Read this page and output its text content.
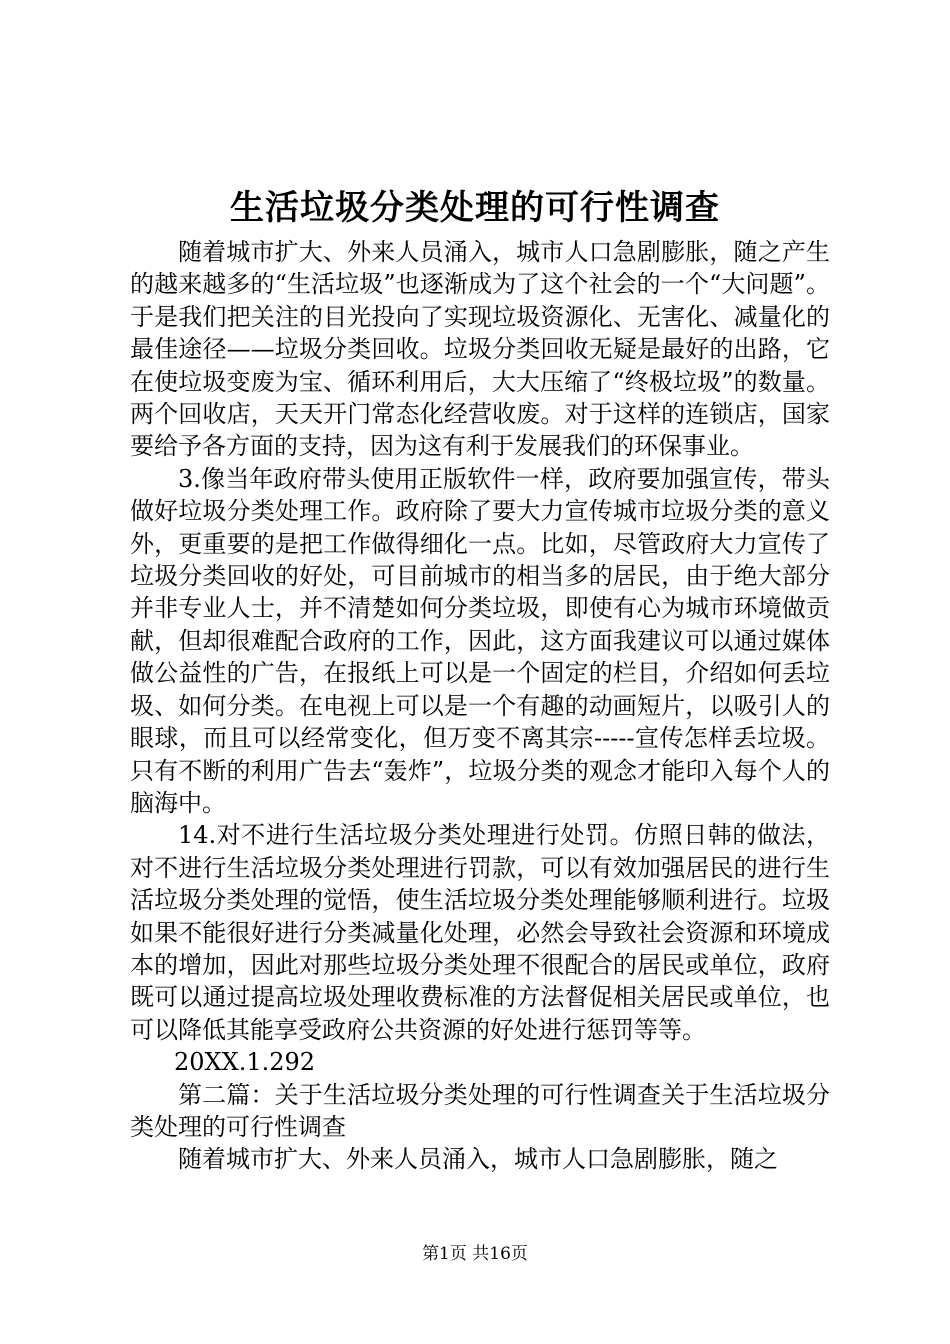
生活垃圾分类处理的可行性调查

随着城市扩大、外来人员涌入，城市人口急剧膨胀，随之产生的越来越多的“生活垃圾”也逐渐成为了这个社会的一个“大问题”。于是我们把关注的目光投向了实现垃圾资源化、无害化、减量化的最佳途径——垃圾分类回收。垃圾分类回收无疑是最好的出路，它在使垃圾变废为宝、循环利用后，大大压缩了“终极垃圾”的数量。两个回收店，天天开门常态化经营收废。对于这样的连锁店，国家要给予各方面的支持，因为这有利于发展我们的环保事业。

3.像当年政府带头使用正版软件一样，政府要加强宣传，带头做好垃圾分类处理工作。政府除了要大力宣传城市垃圾分类的意义外，更重要的是把工作做得细化一点。比如，尽管政府大力宣传了垃圾分类回收的好处，可目前城市的相当多的居民，由于绝大部分并非专业人士，并不清楚如何分类垃圾，即使有心为城市环境做贡献，但却很难配合政府的工作，因此，这方面我建议可以通过媒体做公益性的广告，在报纸上可以是一个固定的栏目，介绍如何丢垃圾、如何分类。在电视上可以是一个有趣的动画短片，以吸引人的眼球，而且可以经常变化，但万变不离其宗-----宣传怎样丢垃圾。只有不断的利用广告去“轰炸”，垃圾分类的观念才能印入每个人的脑海中。

14.对不进行生活垃圾分类处理进行处罚。仿照日韩的做法，对不进行生活垃圾分类处理进行罚款，可以有效加强居民的进行生活垃圾分类处理的觉悟，使生活垃圾分类处理能够顺利进行。垃圾如果不能很好进行分类减量化处理，必然会导致社会资源和环境成本的增加，因此对那些垃圾分类处理不很配合的居民或单位，政府既可以通过提高垃圾处理收费标准的方法督促相关居民或单位，也可以降低其能享受政府公共资源的好处进行惩罚等等。

20XX.1.292

第二篇：关于生活垃圾分类处理的可行性调查关于生活垃圾分类处理的可行性调查

随着城市扩大、外来人员涌入，城市人口急剧膨胀，随之

第1页 共16页
